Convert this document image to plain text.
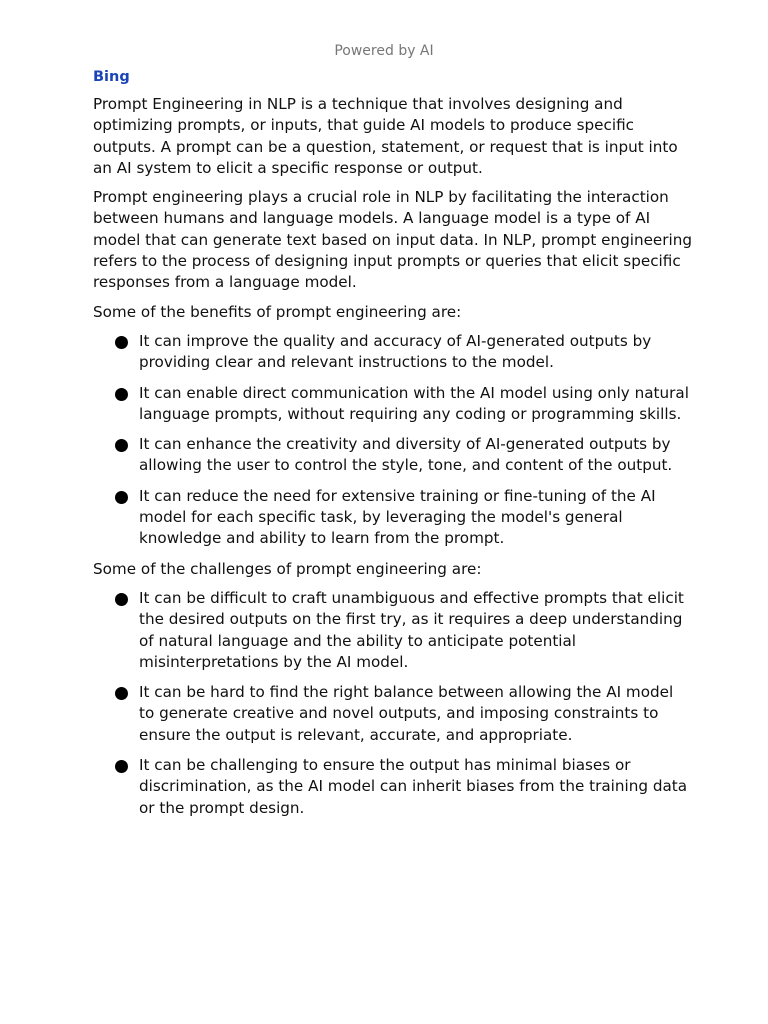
Powered by AI
Bing

Prompt Engineering in NLP is a technique that involves designing and optimizing prompts, or inputs, that guide AI models to produce specific outputs. A prompt can be a question, statement, or request that is input into an AI system to elicit a specific response or output.

Prompt engineering plays a crucial role in NLP by facilitating the interaction between humans and language models. A language model is a type of AI model that can generate text based on input data. In NLP, prompt engineering refers to the process of designing input prompts or queries that elicit specific responses from a language model.

Some of the benefits of prompt engineering are:

It can improve the quality and accuracy of AI-generated outputs by providing clear and relevant instructions to the model.
It can enable direct communication with the AI model using only natural language prompts, without requiring any coding or programming skills.
It can enhance the creativity and diversity of AI-generated outputs by allowing the user to control the style, tone, and content of the output.
It can reduce the need for extensive training or fine-tuning of the AI model for each specific task, by leveraging the model's general knowledge and ability to learn from the prompt.

Some of the challenges of prompt engineering are:

It can be difficult to craft unambiguous and effective prompts that elicit the desired outputs on the first try, as it requires a deep understanding of natural language and the ability to anticipate potential misinterpretations by the AI model.
It can be hard to find the right balance between allowing the AI model to generate creative and novel outputs, and imposing constraints to ensure the output is relevant, accurate, and appropriate.
It can be challenging to ensure the output has minimal biases or discrimination, as the AI model can inherit biases from the training data or the prompt design.
